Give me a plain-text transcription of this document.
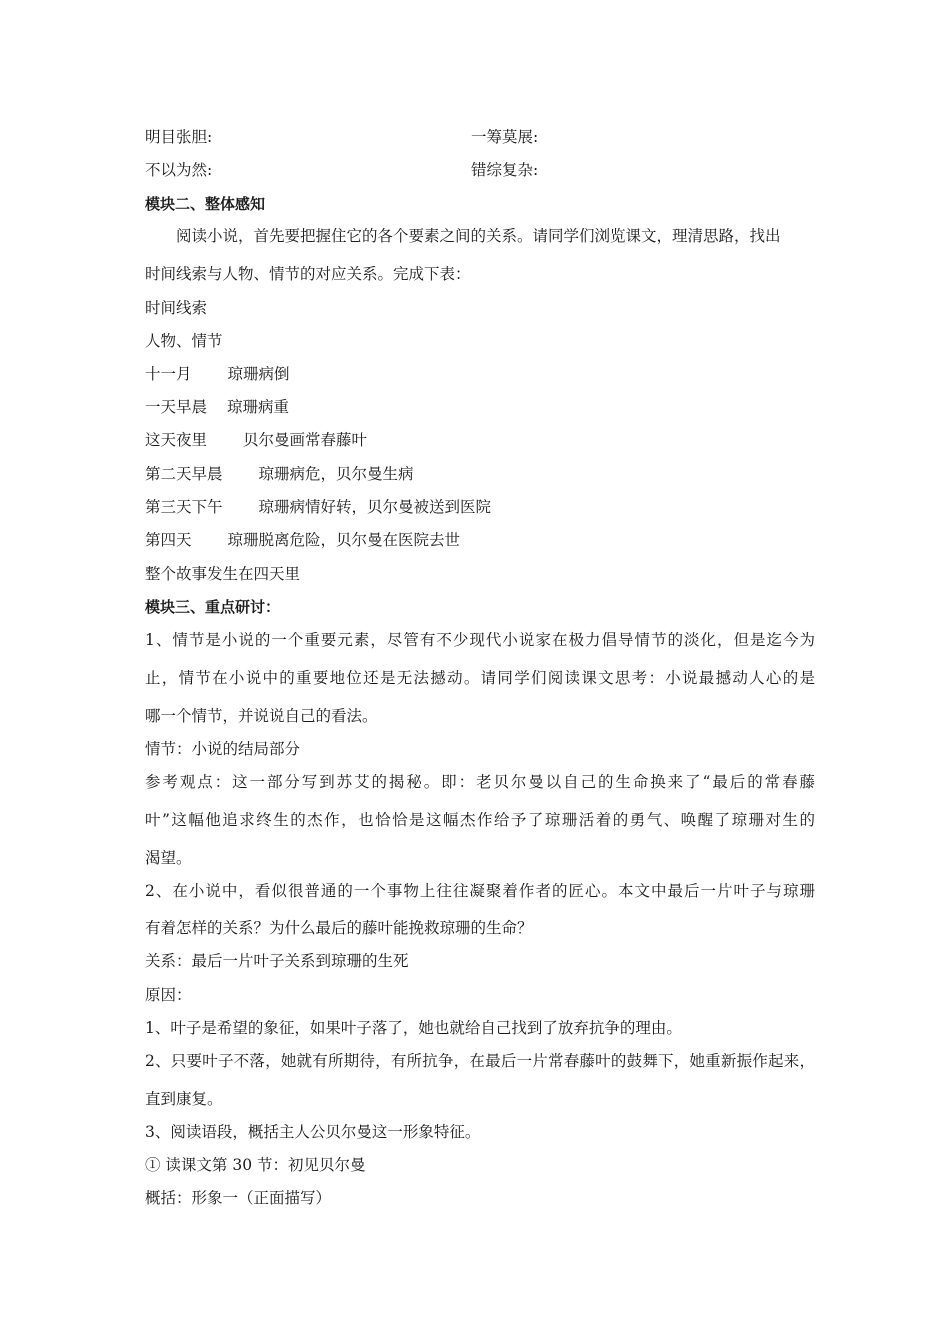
明目张胆:	一筹莫展:
不以为然:	错综复杂:
模块二、整体感知
阅读小说，首先要把握住它的各个要素之间的关系。请同学们浏览课文，理清思路，找出
时间线索与人物、情节的对应关系。完成下表：
时间线索
人物、情节
十一月 琼珊病倒
一天早晨 琼珊病重
这天夜里 贝尔曼画常春藤叶
第二天早晨 琼珊病危，贝尔曼生病
第三天下午 琼珊病情好转，贝尔曼被送到医院
第四天 琼珊脱离危险，贝尔曼在医院去世
整个故事发生在四天里
模块三、重点研讨：
1、情节是小说的一个重要元素，尽管有不少现代小说家在极力倡导情节的淡化，但是迄今为
止，情节在小说中的重要地位还是无法撼动。请同学们阅读课文思考：小说最撼动人心的是
哪一个情节，并说说自己的看法。
情节：小说的结局部分
参考观点：这一部分写到苏艾的揭秘。即：老贝尔曼以自己的生命换来了“最后的常春藤
叶”这幅他追求终生的杰作，也恰恰是这幅杰作给予了琼珊活着的勇气、唤醒了琼珊对生的
渴望。
2、在小说中，看似很普通的一个事物上往往凝聚着作者的匠心。本文中最后一片叶子与琼珊
有着怎样的关系？为什么最后的藤叶能挽救琼珊的生命？
关系：最后一片叶子关系到琼珊的生死
原因：
1、叶子是希望的象征，如果叶子落了，她也就给自己找到了放弃抗争的理由。
2、只要叶子不落，她就有所期待，有所抗争，在最后一片常春藤叶的鼓舞下，她重新振作起来，
直到康复。
3、阅读语段，概括主人公贝尔曼这一形象特征。
① 读课文第 30 节：初见贝尔曼
概括：形象一（正面描写）
